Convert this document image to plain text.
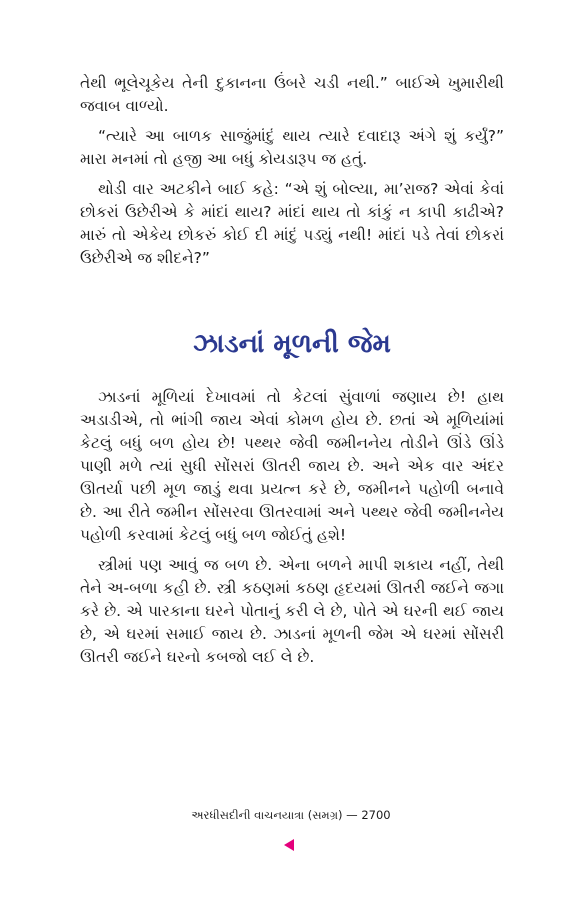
તેથી ભૂલેચૂકેય તેની દુકાનના ઉંબરે ચડી નથી.” બાઈએ ખુમારીથી જવાબ વાળ્યો.

“ત્યારે આ બાળક સાજુંમાંદું થાય ત્યારે દવાદારૂ અંગે શું કર્યું?” મારા મનમાં તો હજી આ બધું કોયડારૂપ જ હતું.

થોડી વાર અટકીને બાઈ કહે: “એ શું બોલ્યા, મા’રાજ? એવાં કેવાં છોકરાં ઉછેરીએ કે માંદાં થાય? માંદાં થાય તો કાંકું ન કાપી કાઢીએ? મારું તો એકેય છોકરું કોઈ દી માંદું પડ્યું નથી! માંદાં પડે તેવાં છોકરાં ઉછેરીએ જ શીદને?”

ઝાડનાં મૂળની જેમ

ઝાડનાં મૂળિયાં દેખાવમાં તો કેટલાં સુંવાળાં જણાય છે! હાથ અડાડીએ, તો ભાંગી જાય એવાં કોમળ હોય છે. છતાં એ મૂળિયાંમાં કેટલું બધું બળ હોય છે! પથ્થર જેવી જમીનનેય તોડીને ઊંડે ઊંડે પાણી મળે ત્યાં સુધી સોંસરાં ઊતરી જાય છે. અને એક વાર અંદર ઊતર્યા પછી મૂળ જાડું થવા પ્રયત્ન કરે છે, જમીનને પહોળી બનાવે છે. આ રીતે જમીન સોંસરવા ઊતરવામાં અને પથ્થર જેવી જમીનનેય પહોળી કરવામાં કેટલું બધું બળ જોઈતું હશે!

સ્ત્રીમાં પણ આવું જ બળ છે. એના બળને માપી શકાય નહીં, તેથી તેને અ-બળા કહી છે. સ્ત્રી કઠણમાં કઠણ હૃદયમાં ઊતરી જઈને જગા કરે છે. એ પારકાના ઘરને પોતાનું કરી લે છે, પોતે એ ઘરની થઈ જાય છે, એ ઘરમાં સમાઈ જાય છે. ઝાડનાં મૂળની જેમ એ ઘરમાં સોંસરી ઊતરી જઈને ઘરનો કબજો લઈ લે છે.

અરધીસદીની વાચનયાત્રા (સમગ્ર) — 2700
